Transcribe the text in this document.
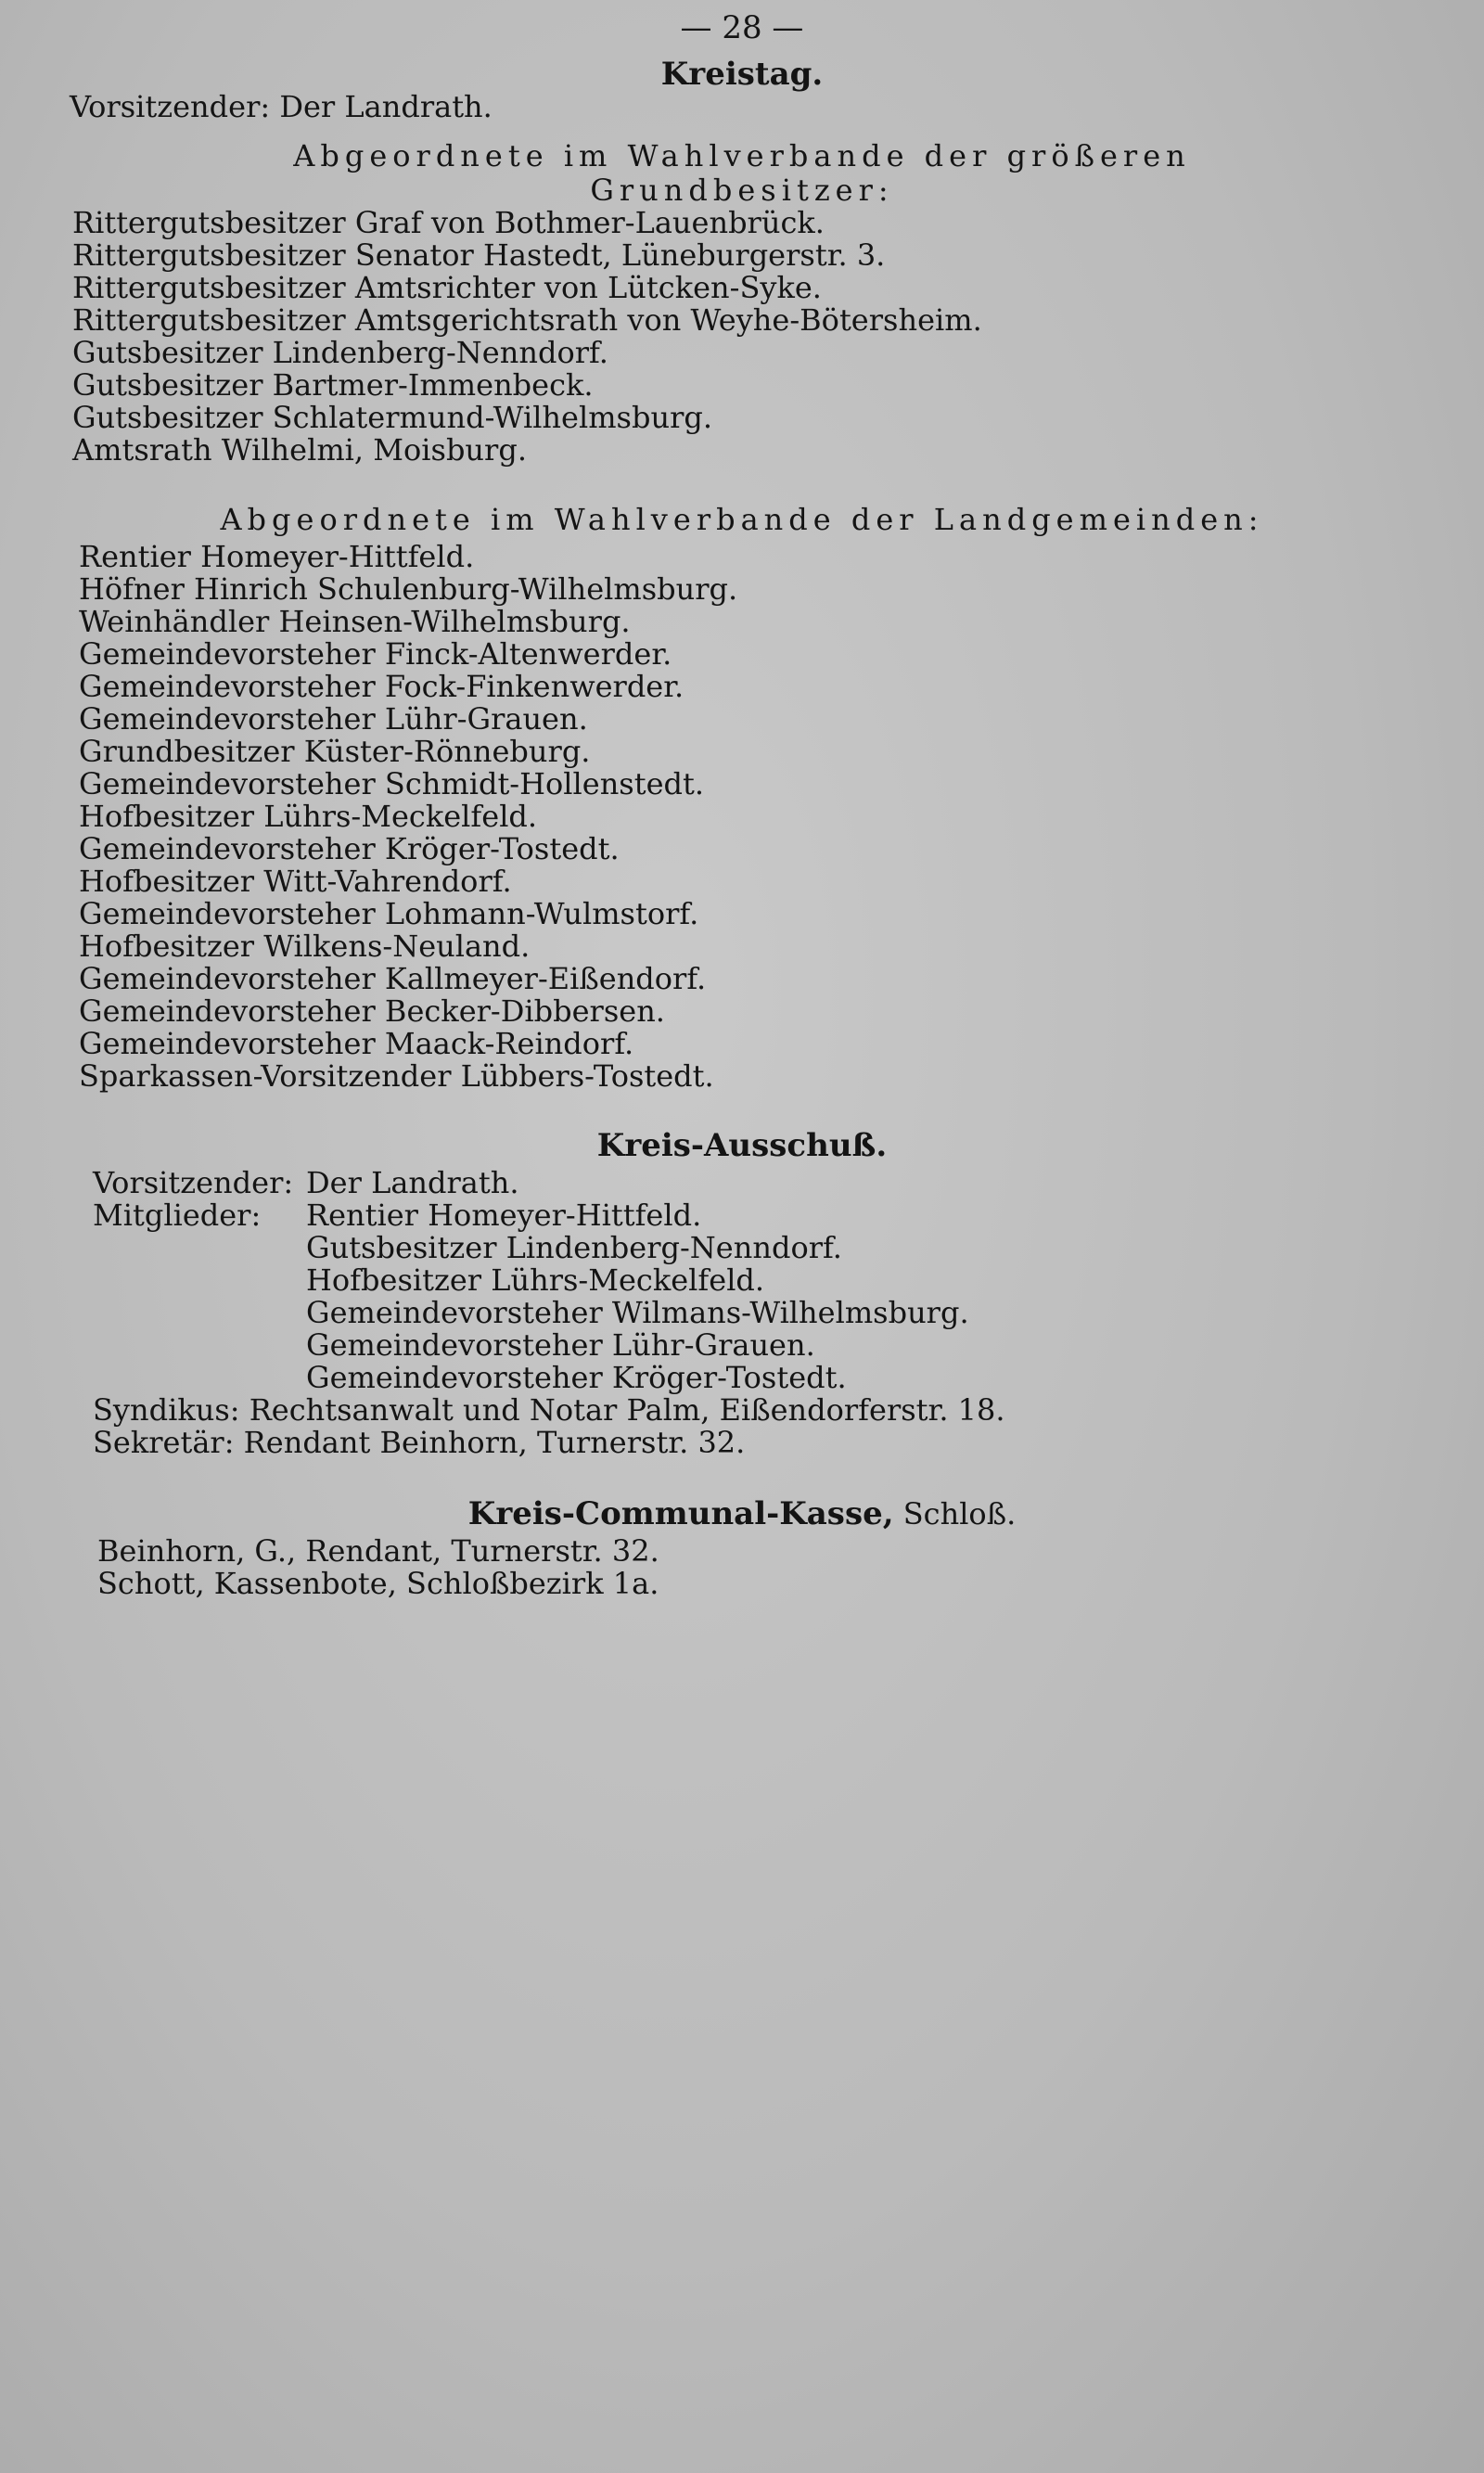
— 28 —
Kreistag.
Vorsitzender: Der Landrath.
Abgeordnete im Wahlverbande der größeren
Grundbesitzer:
Rittergutsbesitzer Graf von Bothmer-Lauenbrück.
Rittergutsbesitzer Senator Hastedt, Lüneburgerstr. 3.
Rittergutsbesitzer Amtsrichter von Lütcken-Syke.
Rittergutsbesitzer Amtsgerichtsrath von Weyhe-Bötersheim.
Gutsbesitzer Lindenberg-Nenndorf.
Gutsbesitzer Bartmer-Immenbeck.
Gutsbesitzer Schlatermund-Wilhelmsburg.
Amtsrath Wilhelmi, Moisburg.
Abgeordnete im Wahlverbande der Landgemeinden:
Rentier Homeyer-Hittfeld.
Höfner Hinrich Schulenburg-Wilhelmsburg.
Weinhändler Heinsen-Wilhelmsburg.
Gemeindevorsteher Finck-Altenwerder.
Gemeindevorsteher Fock-Finkenwerder.
Gemeindevorsteher Lühr-Grauen.
Grundbesitzer Küster-Rönneburg.
Gemeindevorsteher Schmidt-Hollenstedt.
Hofbesitzer Lührs-Meckelfeld.
Gemeindevorsteher Kröger-Tostedt.
Hofbesitzer Witt-Vahrendorf.
Gemeindevorsteher Lohmann-Wulmstorf.
Hofbesitzer Wilkens-Neuland.
Gemeindevorsteher Kallmeyer-Eißendorf.
Gemeindevorsteher Becker-Dibbersen.
Gemeindevorsteher Maack-Reindorf.
Sparkassen-Vorsitzender Lübbers-Tostedt.
Kreis-Ausschuß.
Vorsitzender: Der Landrath.
Mitglieder: Rentier Homeyer-Hittfeld.
Gutsbesitzer Lindenberg-Nenndorf.
Hofbesitzer Lührs-Meckelfeld.
Gemeindevorsteher Wilmans-Wilhelmsburg.
Gemeindevorsteher Lühr-Grauen.
Gemeindevorsteher Kröger-Tostedt.
Syndikus: Rechtsanwalt und Notar Palm, Eißendorferstr. 18.
Sekretär: Rendant Beinhorn, Turnerstr. 32.
Kreis-Communal-Kasse, Schloß.
Beinhorn, G., Rendant, Turnerstr. 32.
Schott, Kassenbote, Schloßbezirk 1a.
